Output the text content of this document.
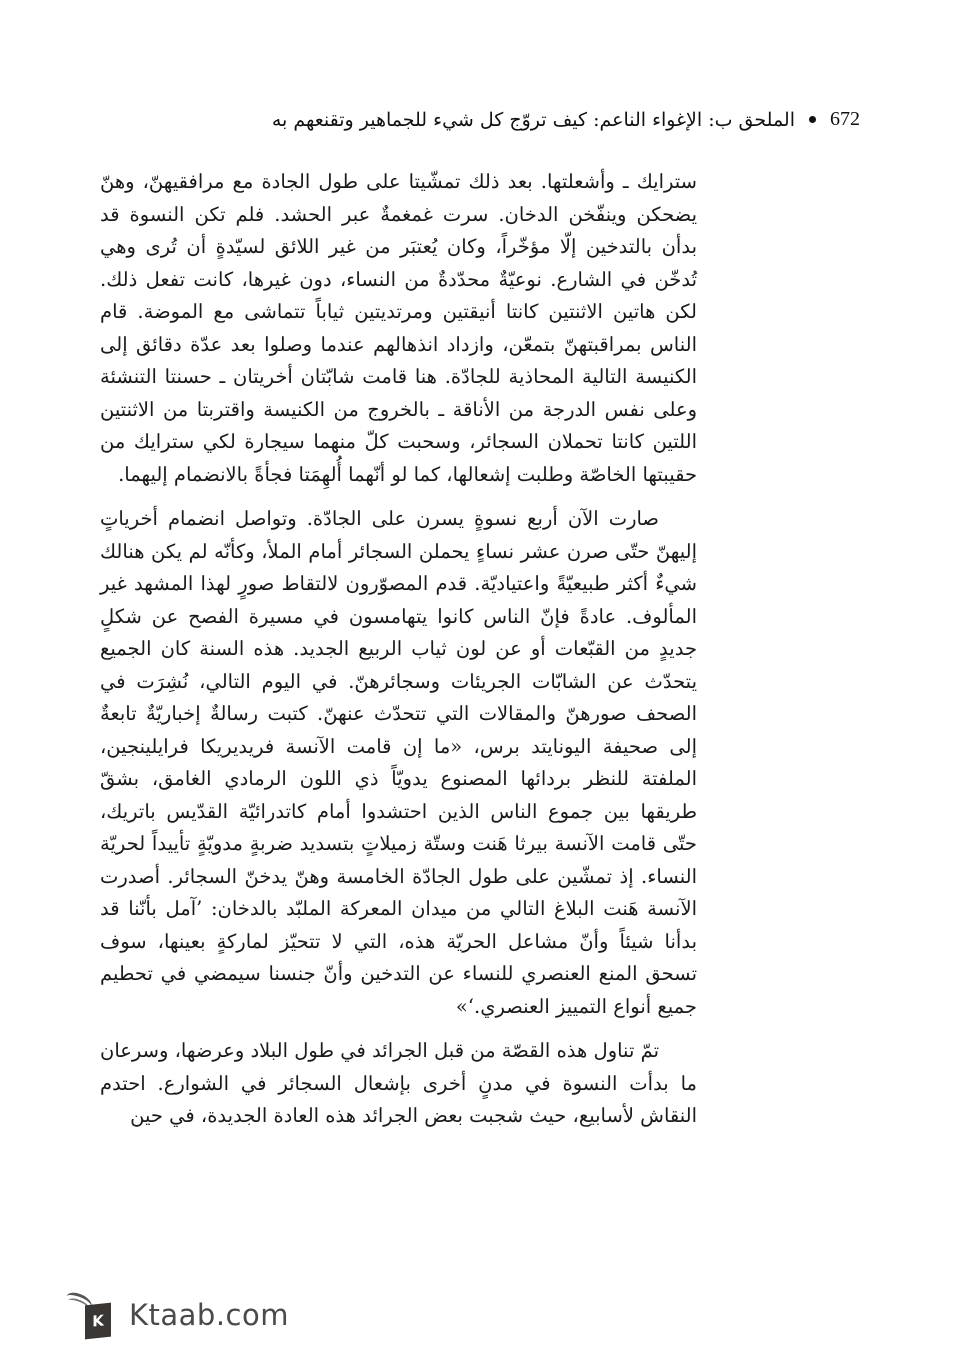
672
الملحق ب: الإغواء الناعم: كيف تروّج كل شيء للجماهير وتقنعهم به

سترايك ـ وأشعلتها. بعد ذلك تمشّيتا على طول الجادة مع مرافقيهنّ، وهنّ يضحكن وينفّخن الدخان. سرت غمغمةٌ عبر الحشد. فلم تكن النسوة قد بدأن بالتدخين إلّا مؤخّراً، وكان يُعتبَر من غير اللائق لسيّدةٍ أن تُرى وهي تُدخّن في الشارع. نوعيّةٌ محدّدةٌ من النساء، دون غيرها، كانت تفعل ذلك. لكن هاتين الاثنتين كانتا أنيقتين ومرتديتين ثياباً تتماشى مع الموضة. قام الناس بمراقبتهنّ بتمعّن، وازداد انذهالهم عندما وصلوا بعد عدّة دقائق إلى الكنيسة التالية المحاذية للجادّة. هنا قامت شابّتان أخريتان ـ حسنتا التنشئة وعلى نفس الدرجة من الأناقة ـ بالخروج من الكنيسة واقتربتا من الاثنتين اللتين كانتا تحملان السجائر، وسحبت كلّ منهما سيجارة لكي سترايك من حقيبتها الخاصّة وطلبت إشعالها، كما لو أنّهما أُلهِمَتا فجأةً بالانضمام إليهما.

صارت الآن أربع نسوةٍ يسرن على الجادّة. وتواصل انضمام أخرياتٍ إليهنّ حتّى صرن عشر نساءٍ يحملن السجائر أمام الملأ، وكأنّه لم يكن هنالك شيءٌ أكثر طبيعيّةً واعتياديّة. قدم المصوّرون لالتقاط صورٍ لهذا المشهد غير المألوف. عادةً فإنّ الناس كانوا يتهامسون في مسيرة الفصح عن شكلٍ جديدٍ من القبّعات أو عن لون ثياب الربيع الجديد. هذه السنة كان الجميع يتحدّث عن الشابّات الجريئات وسجائرهنّ. في اليوم التالي، نُشِرَت في الصحف صورهنّ والمقالات التي تتحدّث عنهنّ. كتبت رسالةٌ إخباريّةٌ تابعةٌ إلى صحيفة اليونايتد برس، «ما إن قامت الآنسة فريديريكا فرايلينجين، الملفتة للنظر بردائها المصنوع يدويّاً ذي اللون الرمادي الغامق، بشقّ طريقها بين جموع الناس الذين احتشدوا أمام كاتدرائيّة القدّيس باتريك، حتّى قامت الآنسة بيرثا هَنت وستّة زميلاتٍ بتسديد ضربةٍ مدويّةٍ تأييداً لحريّة النساء. إذ تمشّين على طول الجادّة الخامسة وهنّ يدخنّ السجائر. أصدرت الآنسة هَنت البلاغ التالي من ميدان المعركة الملبّد بالدخان: ’آمل بأنّنا قد بدأنا شيئاً وأنّ مشاعل الحريّة هذه، التي لا تتحيّز لماركةٍ بعينها، سوف تسحق المنع العنصري للنساء عن التدخين وأنّ جنسنا سيمضي في تحطيم جميع أنواع التمييز العنصري.‘»

تمّ تناول هذه القصّة من قبل الجرائد في طول البلاد وعرضها، وسرعان ما بدأت النسوة في مدنٍ أخرى بإشعال السجائر في الشوارع. احتدم النقاش لأسابيع، حيث شجبت بعض الجرائد هذه العادة الجديدة، في حين

K Ktaab.com
